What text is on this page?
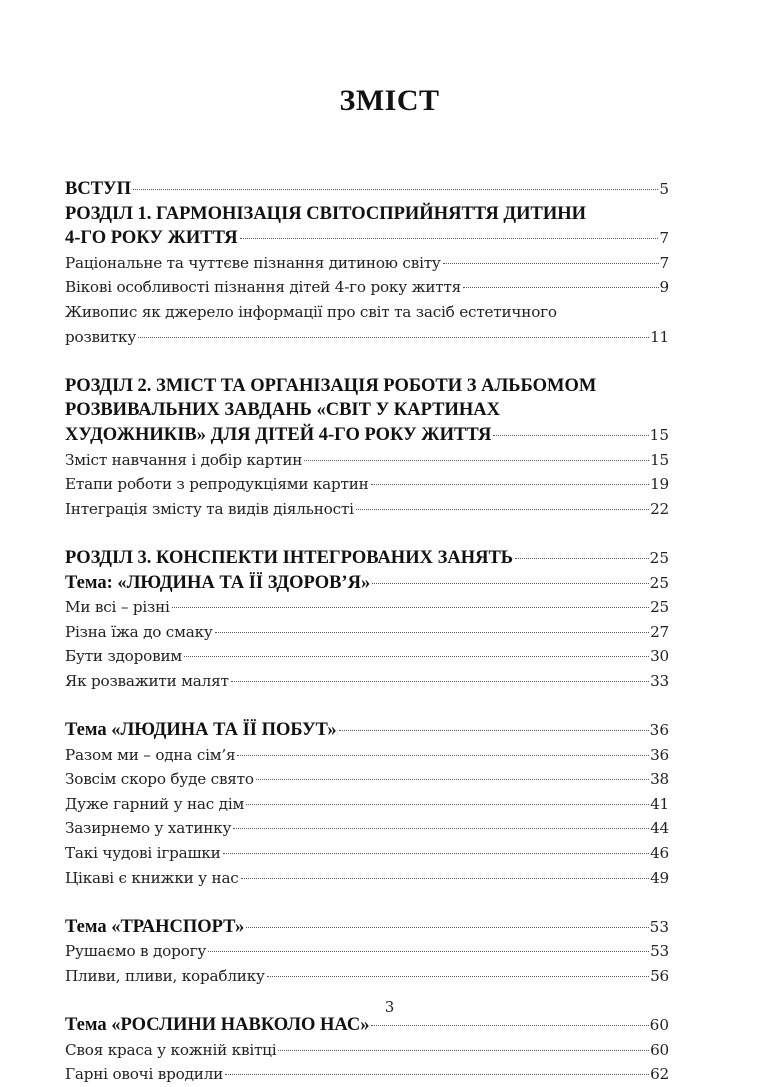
ЗМІСТ
ВСТУП	5
РОЗДІЛ 1. ГАРМОНІЗАЦІЯ СВІТОСПРИЙНЯТТЯ ДИТИНИ
4-ГО РОКУ ЖИТТЯ	7
Раціональне та чуттєве пізнання дитиною світу	7
Вікові особливості пізнання дітей 4-го року життя	9
Живопис як джерело інформації про світ та засіб естетичного
розвитку	11
РОЗДІЛ 2. ЗМІСТ ТА ОРГАНІЗАЦІЯ РОБОТИ З АЛЬБОМОМ
РОЗВИВАЛЬНИХ ЗАВДАНЬ «СВІТ У КАРТИНАХ
ХУДОЖНИКІВ» ДЛЯ ДІТЕЙ 4-ГО РОКУ ЖИТТЯ	15
Зміст навчання і добір картин	15
Етапи роботи з репродукціями картин	19
Інтеграція змісту та видів діяльності	22
РОЗДІЛ 3. КОНСПЕКТИ ІНТЕГРОВАНИХ ЗАНЯТЬ	25
Тема: «ЛЮДИНА ТА ЇЇ ЗДОРОВ’Я»	25
Ми всі – різні	25
Різна їжа до смаку	27
Бути здоровим	30
Як розважити малят	33
Тема «ЛЮДИНА ТА ЇЇ ПОБУТ»	36
Разом ми – одна сім’я	36
Зовсім скоро буде свято	38
Дуже гарний у нас дім	41
Зазирнемо у хатинку	44
Такі чудові іграшки	46
Цікаві є книжки у нас	49
Тема «ТРАНСПОРТ»	53
Рушаємо в дорогу	53
Пливи, пливи, кораблику	56
Тема «РОСЛИНИ НАВКОЛО НАС»	60
Своя краса у кожній квітці	60
Гарні овочі вродили	62
3
